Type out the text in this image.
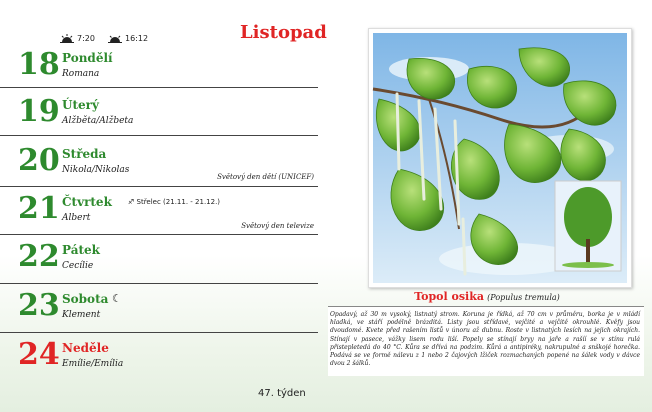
7:20	16:12	Listopad
18 Pondělí
Romana
19 Úterý
Alžběta/Alžbeta
20 Středa
Nikola/Nikolas
Světový den dětí (UNICEF)
21 Čtvrtek ♐ Střelec (21.11. - 21.12.)
Albert
Světový den televize
22 Pátek
Cecílie
23 Sobota ☾
Klement
24 Neděle
Emílie/Emília
47. týden
Topol osika (Populus tremula)
Opadavý, až 30 m vysoký, listnatý strom. Koruna je řídká, až 70 cm v průměru, borka je v mládí hladká, ve stáří podélně brázditá. Listy jsou střídavé, vejčité a vejčitě okrouhlé. Kvěfy jsou dvoudomé. Kvete před rašením listů v únoru až dubnu. Roste v listnatých lesích na jejich okrajích. Stínají v pasece, vážky lisem rodu liší. Popely se stínají bryy na jaře a rašíí se v stínu rulá přistepletedá do 40 °C. Kůra se dřívá na podzim. Kůrá a antipiréky, nakrupulné a snškojé horečka. Podává se ve formě nálevu z 1 nebo 2 čajových lžiček rozmachaných popené na šálek vody v dávce dvou 2 šálků.
